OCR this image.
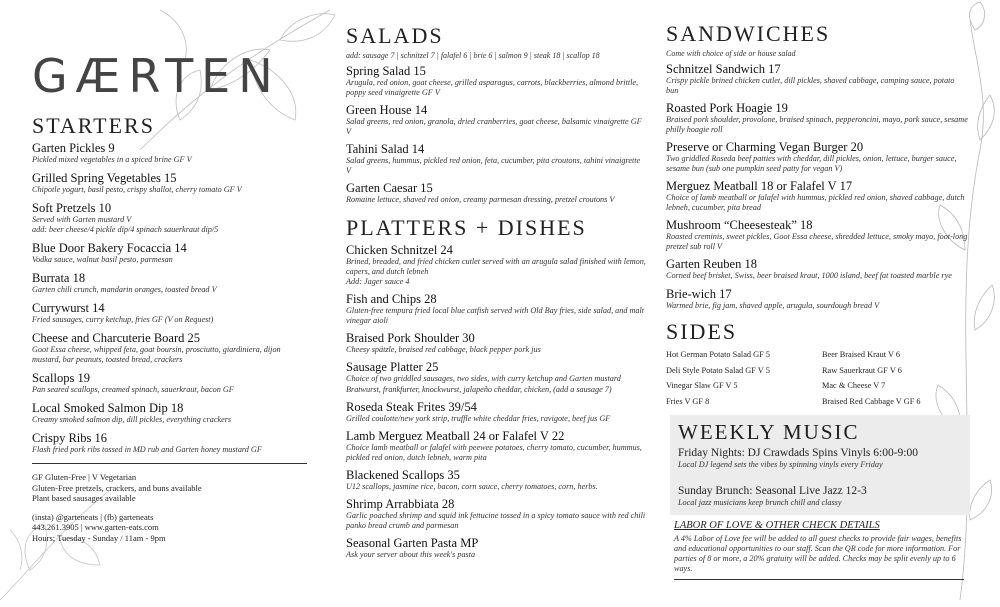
GÆRTEN
STARTERS
Garten Pickles 9
Pickled mixed vegetables in a spiced brine GF V
Grilled Spring Vegetables 15
Chipotle yogurt, basil pesto, crispy shallot, cherry tomato GF V
Soft Pretzels 10
Served with Garten mustard V
add: beer cheese/4 pickle dip/4 spinach sauerkraut dip/5
Blue Door Bakery Focaccia 14
Vodka sauce, walnut basil pesto, parmesan
Burrata 18
Garten chili crunch, mandarin oranges, toasted bread V
Currywurst 14
Fried sausages, curry ketchup, fries GF (V on Request)
Cheese and Charcuterie Board 25
Goot Essa cheese, whipped feta, goat boursin, prosciutto, giardiniera, dijon mustard, bar peanuts, toasted bread, crackers
Scallops 19
Pan seared scallops, creamed spinach, sauerkraut, bacon GF
Local Smoked Salmon Dip 18
Creamy smoked salmon dip, dill pickles, everything crackers
Crispy Ribs 16
Flash fried pork ribs tossed in MD rub and Garten honey mustard GF
GF Gluten-Free | V Vegetarian
Gluten-Free pretzels, crackers, and buns available
Plant based sausages available
(insta) @garteneats | (fb) garteneats
443.261.3905 | www.garten-eats.com
Hours; Tuesday - Sunday / 11am - 9pm
SALADS
add: sausage 7 | schnitzel 7 | falafel 6 | brie 6 | salmon 9 | steak 18 | scallop 18
Spring Salad 15
Arugula, red onion, goat cheese, grilled asparagus, carrots, blackberries, almond brittle, poppy seed vinaigrette GF V
Green House 14
Salad greens, red onion, granola, dried cranberries, goat cheese, balsamic vinaigrette GF V
Tahini Salad 14
Salad greens, hummus, pickled red onion, feta, cucumber, pita croutons, tahini vinaigrette V
Garten Caesar 15
Romaine lettuce, shaved red onion, creamy parmesan dressing, pretzel croutons V
PLATTERS + DISHES
Chicken Schnitzel 24
Brined, breaded, and fried chicken cutlet served with an arugula salad finished with lemon, capers, and dutch lebneh
Add: Jager sauce 4
Fish and Chips 28
Gluten-free tempura fried local blue catfish served with Old Bay fries, side salad, and malt vinegar aioli
Braised Pork Shoulder 30
Cheesy spätzle, braised red cabbage, black pepper pork jus
Sausage Platter 25
Choice of two griddled sausages, two sides, with curry ketchup and Garten mustard
Bratwurst, frankfurter, knockwurst, jalapeño cheddar, chicken, (add a sausage 7)
Roseda Steak Frites 39/54
Grilled coulotte/new york strip, truffle white cheddar fries, ravigote, beef jus GF
Lamb Merguez Meatball 24 or Falafel V 22
Choice lamb meatball or falafel with peewee potatoes, cherry tomato, cucumber, hummus, pickled red onion, dutch lebneh, warm pita
Blackened Scallops 35
U12 scallops, jasmine rice, bacon, corn sauce, cherry tomatoes, corn, herbs.
Shrimp Arrabbiata 28
Garlic poached shrimp and squid ink fettucine tossed in a spicy tomato sauce with red chili panko bread crumb and parmesan
Seasonal Garten Pasta MP
Ask your server about this week's pasta
SANDWICHES
Come with choice of side or house salad
Schnitzel Sandwich 17
Crispy pickle brined chicken cutlet, dill pickles, shaved cabbage, camping sauce, potato bun
Roasted Pork Hoagie 19
Braised pork shoulder, provolone, braised spinach, pepperoncini, mayo, pork sauce, sesame philly hoagie roll
Preserve or Charming Vegan Burger 20
Two griddled Roseda beef patties with cheddar, dill pickles, onion, lettuce, burger sauce, sesame bun (sub one pumpkin seed patty for vegan V)
Merguez Meatball 18 or Falafel V 17
Choice of lamb meatball or falafel with hummus, pickled red onion, shaved cabbage, dutch lebneh, cucumber, pita bread
Mushroom “Cheesesteak” 18
Roasted creminis, sweet pickles, Goot Essa cheese, shredded lettuce, smoky mayo, foot-long pretzel sub roll V
Garten Reuben 18
Corned beef brisket, Swiss, beer braised kraut, 1000 island, beef fat toasted marble rye
Brie-wich 17
Warmed brie, fig jam, shaved apple, arugula, sourdough bread V
SIDES
Hot German Potato Salad GF 5
Deli Style Potato Salad GF V 5
Vinegar Slaw GF V 5
Fries V GF 8
Beer Braised Kraut V 6
Raw Sauerkraut GF V 6
Mac & Cheese V 7
Braised Red Cabbage V GF 6
WEEKLY MUSIC
Friday Nights: DJ Crawdads Spins Vinyls 6:00-9:00
Local DJ legend sets the vibes by spinning vinyls every Friday
Sunday Brunch: Seasonal Live Jazz 12-3
Local jazz musicians keep brunch chill and classy
LABOR OF LOVE & OTHER CHECK DETAILS
A 4% Labor of Love fee will be added to all guest checks to provide fair wages, benefits and educational opportunities to our staff. Scan the QR code for more information. For parties of 8 or more, a 20% gratuity will be added. Checks may be split evenly up to 6 ways.
